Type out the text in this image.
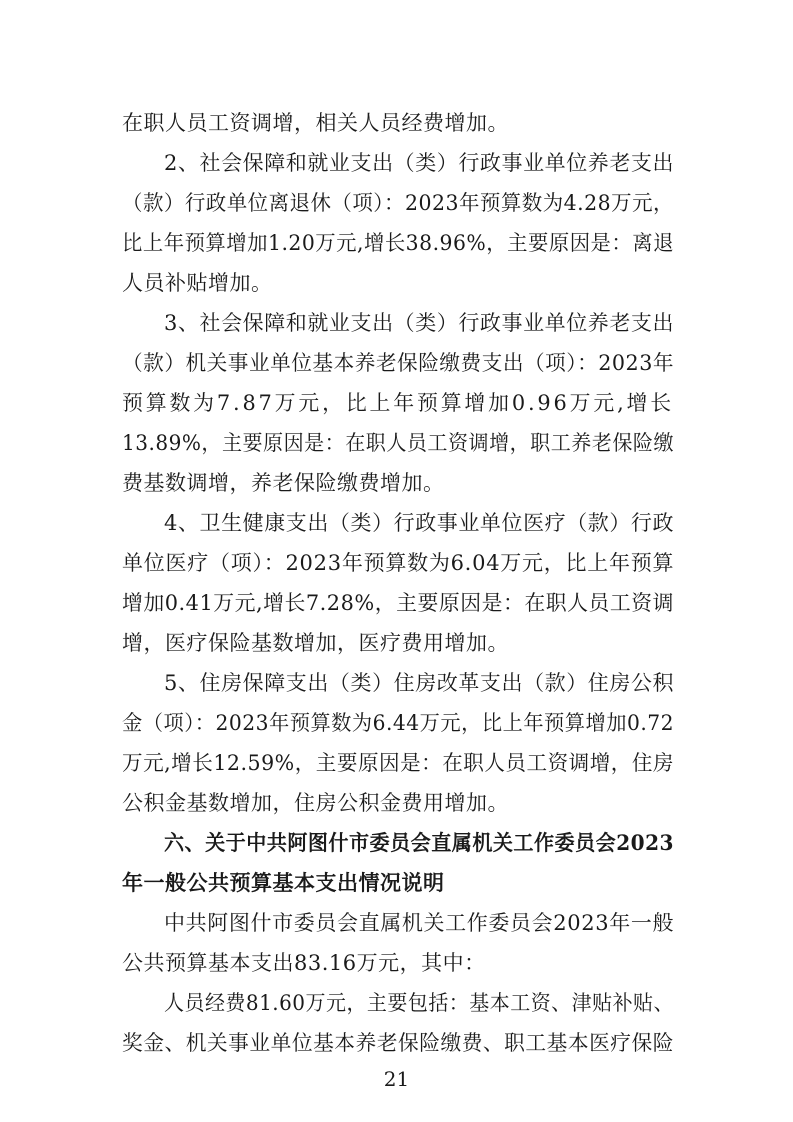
在职人员工资调增，相关人员经费增加。
2、社会保障和就业支出（类）行政事业单位养老支出
（款）行政单位离退休（项）：2023年预算数为4.28万元，
比上年预算增加1.20万元,增长38.96%，主要原因是：离退
人员补贴增加。
3、社会保障和就业支出（类）行政事业单位养老支出
（款）机关事业单位基本养老保险缴费支出（项）：2023年
预算数为7.87万元，比上年预算增加0.96万元,增长
13.89%，主要原因是：在职人员工资调增，职工养老保险缴
费基数调增，养老保险缴费增加。
4、卫生健康支出（类）行政事业单位医疗（款）行政
单位医疗（项）：2023年预算数为6.04万元，比上年预算
增加0.41万元,增长7.28%，主要原因是：在职人员工资调
增，医疗保险基数增加，医疗费用增加。
5、住房保障支出（类）住房改革支出（款）住房公积
金（项）：2023年预算数为6.44万元，比上年预算增加0.72
万元,增长12.59%，主要原因是：在职人员工资调增，住房
公积金基数增加，住房公积金费用增加。
六、关于中共阿图什市委员会直属机关工作委员会2023
年一般公共预算基本支出情况说明
中共阿图什市委员会直属机关工作委员会2023年一般
公共预算基本支出83.16万元，其中：
人员经费81.60万元，主要包括：基本工资、津贴补贴、
奖金、机关事业单位基本养老保险缴费、职工基本医疗保险
21
